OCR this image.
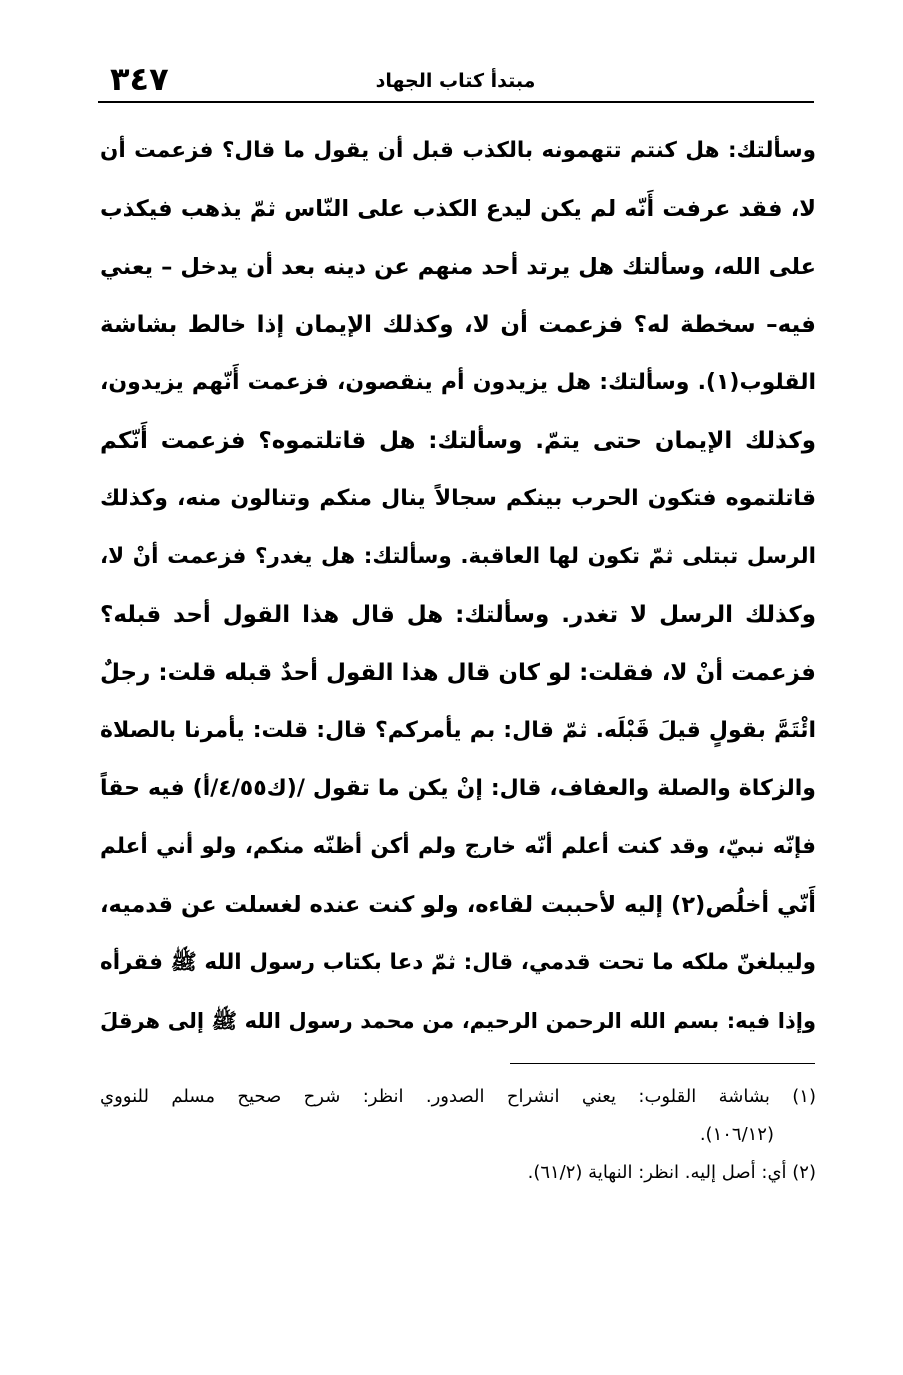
٣٤٧	مبتدأ كتاب الجهاد
وسألتك: هل كنتم تتهمونه بالكذب قبل أن يقول ما قال؟ فزعمت أن
لا، فقد عرفت أَنّه لم يكن ليدع الكذب على النّاس ثمّ يذهب فيكذب
على الله، وسألتك هل يرتد أحد منهم عن دينه بعد أن يدخل – يعني
فيه– سخطة له؟ فزعمت أن لا، وكذلك الإيمان إذا خالط بشاشة
القلوب(١). وسألتك: هل يزيدون أم ينقصون، فزعمت أَنّهم يزيدون،
وكذلك الإيمان حتى يتمّ. وسألتك: هل قاتلتموه؟ فزعمت أَنّكم
قاتلتموه فتكون الحرب بينكم سجالاً ينال منكم وتنالون منه، وكذلك
الرسل تبتلى ثمّ تكون لها العاقبة. وسألتك: هل يغدر؟ فزعمت أنْ لا،
وكذلك الرسل لا تغدر. وسألتك: هل قال هذا القول أحد قبله؟
فزعمت أنْ لا، فقلت: لو كان قال هذا القول أحدٌ قبله قلت: رجلٌ
ائْتَمَّ بقولٍ قيلَ قَبْلَه. ثمّ قال: بم يأمركم؟ قال: قلت: يأمرنا بالصلاة
والزكاة والصلة والعفاف، قال: إنْ يكن ما تقول /(ك٤/٥٥/أ) فيه حقاً
فإنّه نبيّ، وقد كنت أعلم أنّه خارج ولم أكن أظنّه منكم، ولو أني أعلم
أَنّي أخلُص(٢) إليه لأحببت لقاءه، ولو كنت عنده لغسلت عن قدميه،
وليبلغنّ ملكه ما تحت قدمي، قال: ثمّ دعا بكتاب رسول الله ﷺ فقرأه
وإذا فيه: بسم الله الرحمن الرحيم، من محمد رسول الله ﷺ إلى هرقلَ
(١) بشاشة القلوب: يعني انشراح الصدور. انظر: شرح صحيح مسلم للنووي
(١٠٦/١٢).
(٢) أي: أصل إليه. انظر: النهاية (٦١/٢).
